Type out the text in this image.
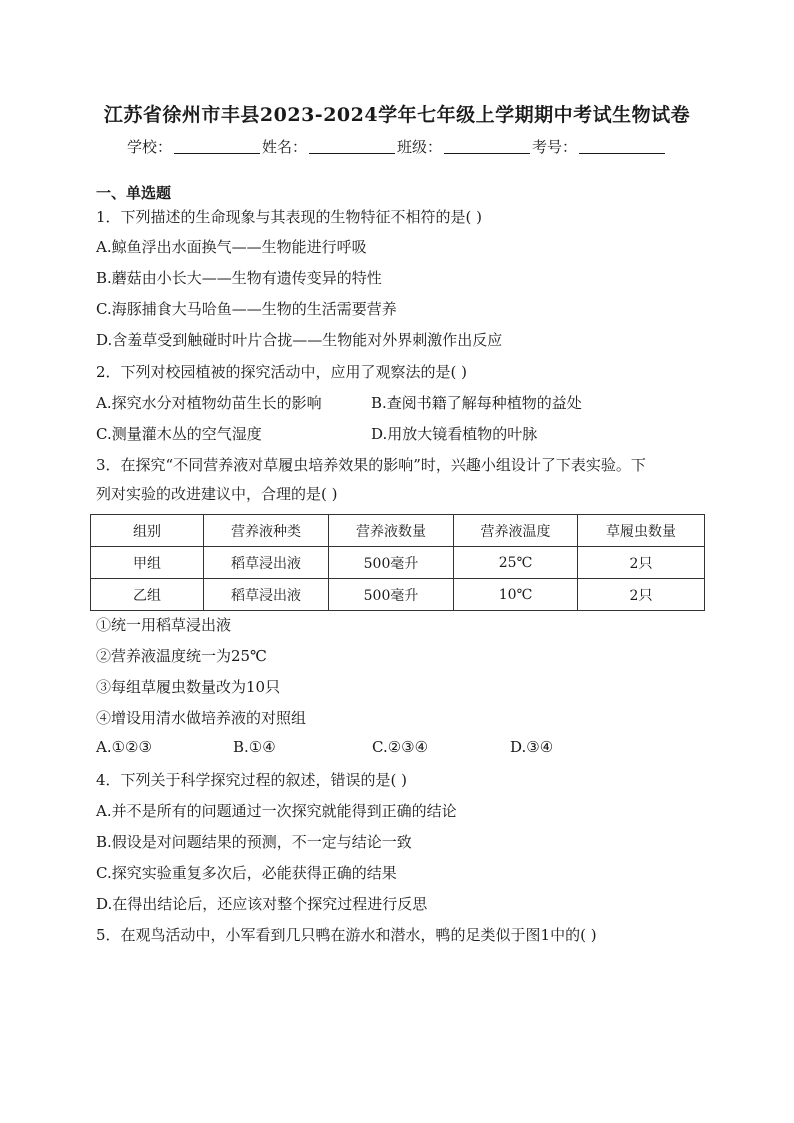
江苏省徐州市丰县2023-2024学年七年级上学期期中考试生物试卷
学校：	姓名：	班级：	考号：
一、单选题
1．下列描述的生命现象与其表现的生物特征不相符的是( )
A.鲸鱼浮出水面换气——生物能进行呼吸
B.蘑菇由小长大——生物有遗传变异的特性
C.海豚捕食大马哈鱼——生物的生活需要营养
D.含羞草受到触碰时叶片合拢——生物能对外界刺激作出反应
2．下列对校园植被的探究活动中，应用了观察法的是( )
A.探究水分对植物幼苗生长的影响	B.查阅书籍了解每种植物的益处
C.测量灌木丛的空气湿度	D.用放大镜看植物的叶脉
3．在探究“不同营养液对草履虫培养效果的影响”时，兴趣小组设计了下表实验。下
列对实验的改进建议中，合理的是( )
组别	营养液种类	营养液数量	营养液温度	草履虫数量
甲组	稻草浸出液	500毫升	25℃	2只
乙组	稻草浸出液	500毫升	10℃	2只
①统一用稻草浸出液
②营养液温度统一为25℃
③每组草履虫数量改为10只
④增设用清水做培养液的对照组
A.①②③	B.①④	C.②③④	D.③④
4．下列关于科学探究过程的叙述，错误的是( )
A.并不是所有的问题通过一次探究就能得到正确的结论
B.假设是对问题结果的预测，不一定与结论一致
C.探究实验重复多次后，必能获得正确的结果
D.在得出结论后，还应该对整个探究过程进行反思
5．在观鸟活动中，小军看到几只鸭在游水和潜水，鸭的足类似于图1中的( )
